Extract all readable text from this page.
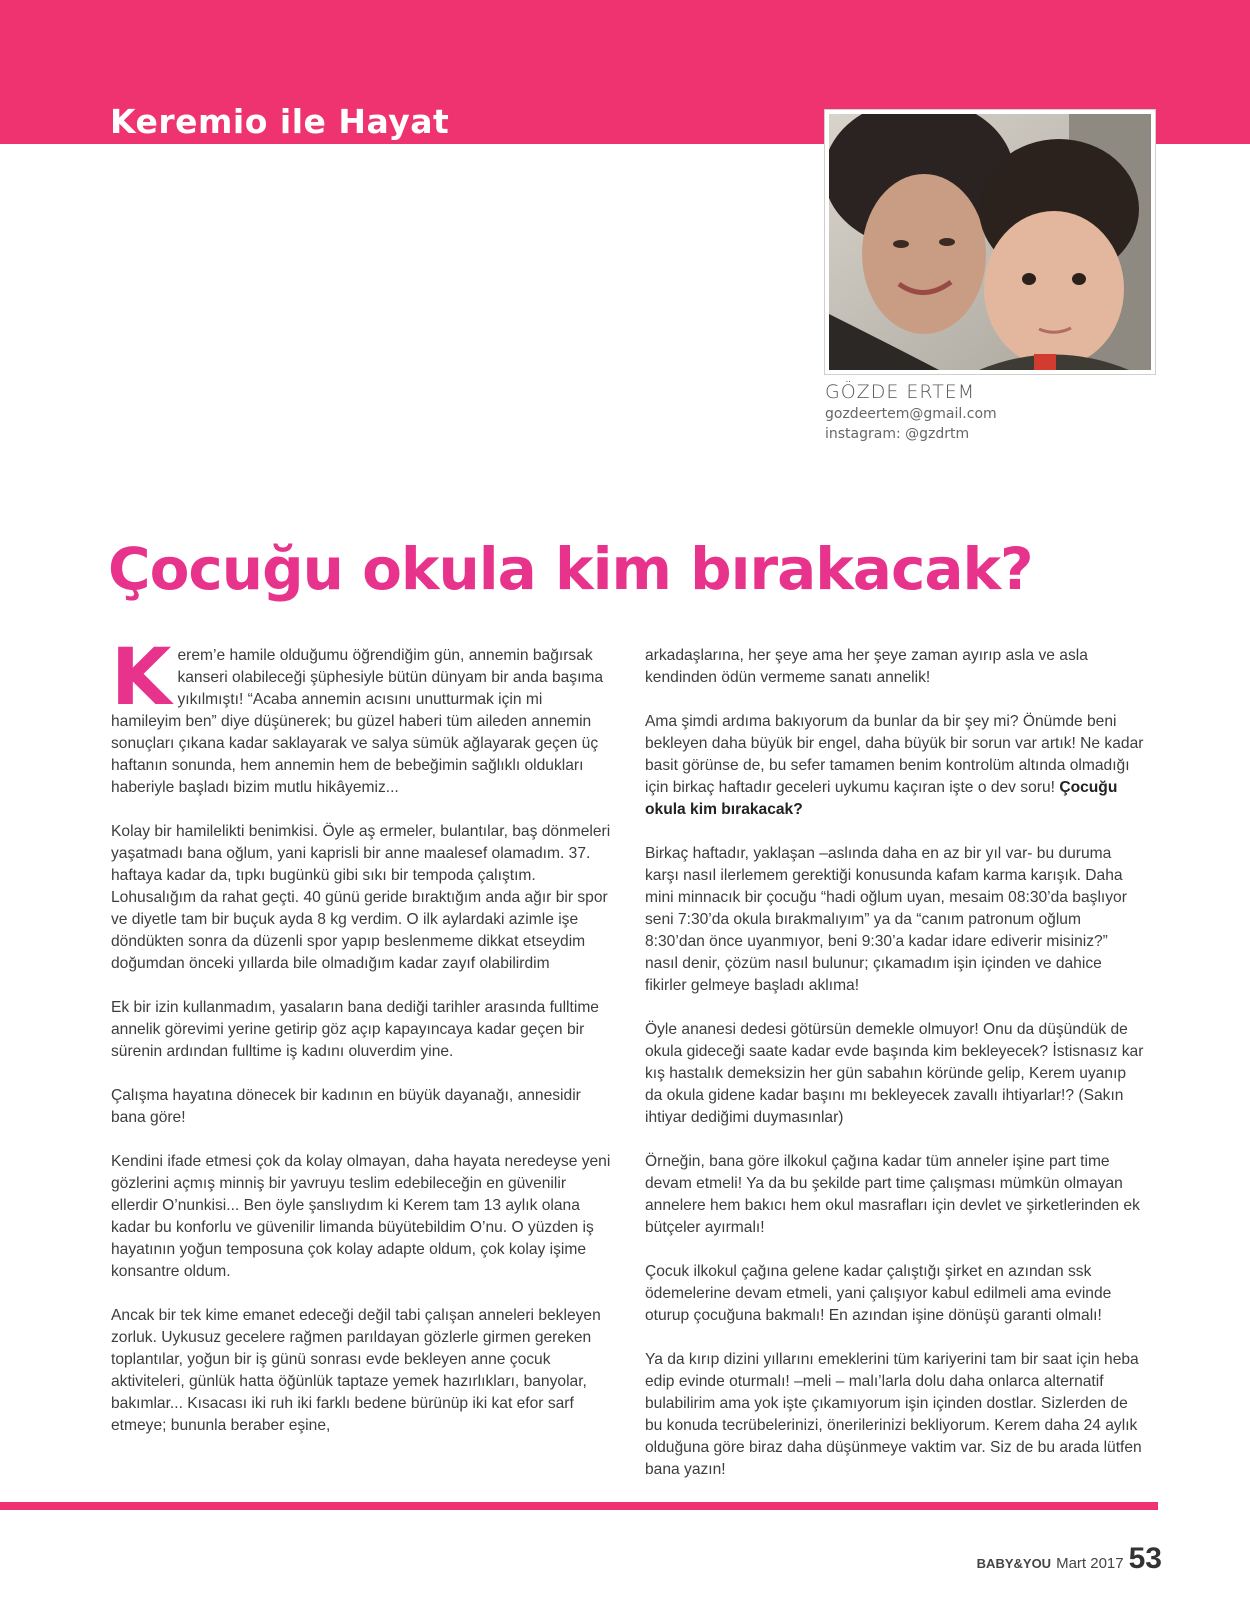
Keremio ile Hayat
GÖZDE ERTEM
gozdeertem@gmail.com
instagram: @gzdrtm
Çocuğu okula kim bırakacak?
K erem’e hamile olduğumu öğrendiğim gün, annemin bağırsak kanseri olabileceği şüphesiyle bütün dünyam bir anda başıma yıkılmıştı! “Acaba annemin acısını unutturmak için mi hamileyim ben” diye düşünerek; bu güzel haberi tüm aileden annemin sonuçları çıkana kadar saklayarak ve salya sümük ağlayarak geçen üç haftanın sonunda, hem annemin hem de bebeğimin sağlıklı oldukları haberiyle başladı bizim mutlu hikâyemiz...

Kolay bir hamilelikti benimkisi. Öyle aş ermeler, bulantılar, baş dönmeleri yaşatmadı bana oğlum, yani kaprisli bir anne maalesef olamadım. 37. haftaya kadar da, tıpkı bugünkü gibi sıkı bir tempoda çalıştım. Lohusalığım da rahat geçti. 40 günü geride bıraktığım anda ağır bir spor ve diyetle tam bir buçuk ayda 8 kg verdim. O ilk aylardaki azimle işe döndükten sonra da düzenli spor yapıp beslenmeme dikkat etseydim doğumdan önceki yıllarda bile olmadığım kadar zayıf olabilirdim

Ek bir izin kullanmadım, yasaların bana dediği tarihler arasında fulltime annelik görevimi yerine getirip göz açıp kapayıncaya kadar geçen bir sürenin ardından fulltime iş kadını oluverdim yine.

Çalışma hayatına dönecek bir kadının en büyük dayanağı, annesidir bana göre!

Kendini ifade etmesi çok da kolay olmayan, daha hayata neredeyse yeni gözlerini açmış minniş bir yavruyu teslim edebileceğin en güvenilir ellerdir O’nunkisi... Ben öyle şanslıydım ki Kerem tam 13 aylık olana kadar bu konforlu ve güvenilir limanda büyütebildim O’nu. O yüzden iş hayatının yoğun temposuna çok kolay adapte oldum, çok kolay işime konsantre oldum.

Ancak bir tek kime emanet edeceği değil tabi çalışan anneleri bekleyen zorluk. Uykusuz gecelere rağmen parıldayan gözlerle girmen gereken toplantılar, yoğun bir iş günü sonrası evde bekleyen anne çocuk aktiviteleri, günlük hatta öğünlük taptaze yemek hazırlıkları, banyolar, bakımlar... Kısacası iki ruh iki farklı bedene bürünüp iki kat efor sarf etmeye; bununla beraber eşine,

arkadaşlarına, her şeye ama her şeye zaman ayırıp asla ve asla kendinden ödün vermeme sanatı annelik!

Ama şimdi ardıma bakıyorum da bunlar da bir şey mi? Önümde beni bekleyen daha büyük bir engel, daha büyük bir sorun var artık! Ne kadar basit görünse de, bu sefer tamamen benim kontrolüm altında olmadığı için birkaç haftadır geceleri uykumu kaçıran işte o dev soru! Çocuğu okula kim bırakacak?

Birkaç haftadır, yaklaşan –aslında daha en az bir yıl var- bu duruma karşı nasıl ilerlemem gerektiği konusunda kafam karma karışık. Daha mini minnacık bir çocuğu “hadi oğlum uyan, mesaim 08:30’da başlıyor seni 7:30’da okula bırakmalıyım” ya da “canım patronum oğlum 8:30’dan önce uyanmıyor, beni 9:30’a kadar idare ediverir misiniz?” nasıl denir, çözüm nasıl bulunur; çıkamadım işin içinden ve dahice fikirler gelmeye başladı aklıma!

Öyle ananesi dedesi götürsün demekle olmuyor! Onu da düşündük de okula gideceği saate kadar evde başında kim bekleyecek? İstisnasız kar kış hastalık demeksizin her gün sabahın köründe gelip, Kerem uyanıp da okula gidene kadar başını mı bekleyecek zavallı ihtiyarlar!? (Sakın ihtiyar dediğimi duymasınlar)

Örneğin, bana göre ilkokul çağına kadar tüm anneler işine part time devam etmeli! Ya da bu şekilde part time çalışması mümkün olmayan annelere hem bakıcı hem okul masrafları için devlet ve şirketlerinden ek bütçeler ayırmalı!

Çocuk ilkokul çağına gelene kadar çalıştığı şirket en azından ssk ödemelerine devam etmeli, yani çalışıyor kabul edilmeli ama evinde oturup çocuğuna bakmalı! En azından işine dönüşü garanti olmalı!

Ya da kırıp dizini yıllarını emeklerini tüm kariyerini tam bir saat için heba edip evinde oturmalı! –meli – malı’larla dolu daha onlarca alternatif bulabilirim ama yok işte çıkamıyorum işin içinden dostlar. Sizlerden de bu konuda tecrübelerinizi, önerilerinizi bekliyorum. Kerem daha 24 aylık olduğuna göre biraz daha düşünmeye vaktim var. Siz de bu arada lütfen bana yazın!

BABY&YOU Mart 2017 53
